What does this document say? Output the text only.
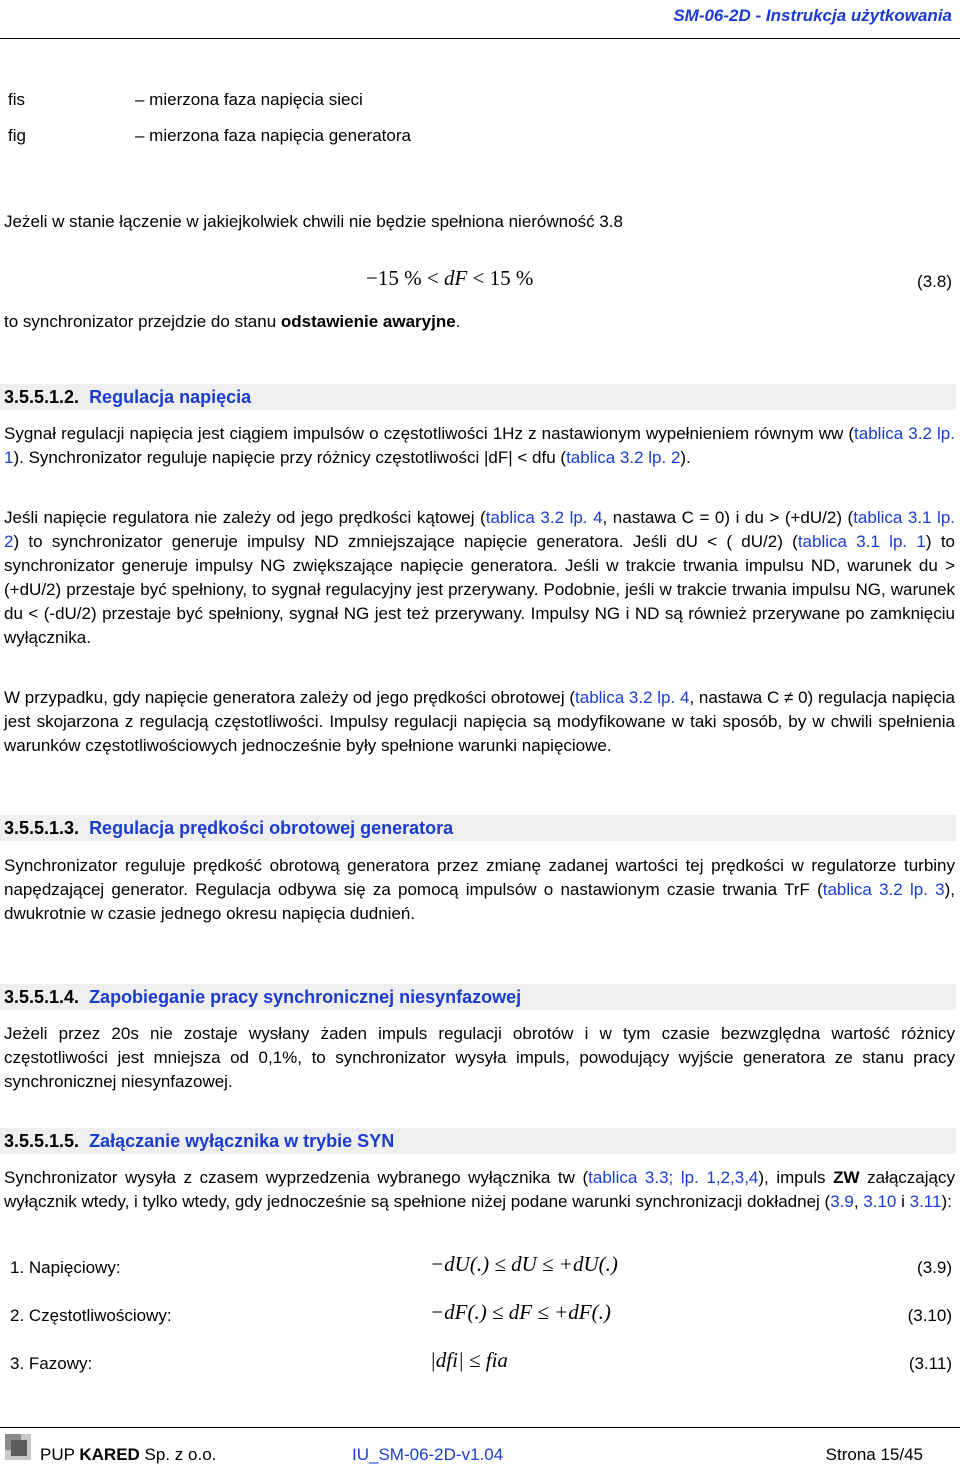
SM-06-2D - Instrukcja użytkowania
fis	– mierzona faza napięcia sieci
fig	– mierzona faza napięcia generatora
Jeżeli w stanie łączenie w jakiejkolwiek chwili nie będzie spełniona nierówność 3.8
−15 % < dF < 15 %	(3.8)
to synchronizator przejdzie do stanu odstawienie awaryjne.
3.5.5.1.2. Regulacja napięcia
Sygnał regulacji napięcia jest ciągiem impulsów o częstotliwości 1Hz z nastawionym wypełnieniem równym ww (tablica 3.2 lp. 1). Synchronizator reguluje napięcie przy różnicy częstotliwości |dF| < dfu (tablica 3.2 lp. 2).
Jeśli napięcie regulatora nie zależy od jego prędkości kątowej (tablica 3.2 lp. 4, nastawa C = 0) i du > (+dU/2) (tablica 3.1 lp. 2) to synchronizator generuje impulsy ND zmniejszające napięcie generatora. Jeśli dU < ( dU/2) (tablica 3.1 lp. 1) to synchronizator generuje impulsy NG zwiększające napięcie generatora. Jeśli w trakcie trwania impulsu ND, warunek du > (+dU/2) przestaje być spełniony, to sygnał regulacyjny jest przerywany. Podobnie, jeśli w trakcie trwania impulsu NG, warunek du < (-dU/2) przestaje być spełniony, sygnał NG jest też przerywany. Impulsy NG i ND są również przerywane po zamknięciu wyłącznika.
W przypadku, gdy napięcie generatora zależy od jego prędkości obrotowej (tablica 3.2 lp. 4, nastawa C ≠ 0) regulacja napięcia jest skojarzona z regulacją częstotliwości. Impulsy regulacji napięcia są modyfikowane w taki sposób, by w chwili spełnienia warunków częstotliwościowych jednocześnie były spełnione warunki napięciowe.
3.5.5.1.3. Regulacja prędkości obrotowej generatora
Synchronizator reguluje prędkość obrotową generatora przez zmianę zadanej wartości tej prędkości w regulatorze turbiny napędzającej generator. Regulacja odbywa się za pomocą impulsów o nastawionym czasie trwania TrF (tablica 3.2 lp. 3), dwukrotnie w czasie jednego okresu napięcia dudnień.
3.5.5.1.4. Zapobieganie pracy synchronicznej niesynfazowej
Jeżeli przez 20s nie zostaje wysłany żaden impuls regulacji obrotów i w tym czasie bezwzględna wartość różnicy częstotliwości jest mniejsza od 0,1%, to synchronizator wysyła impuls, powodujący wyjście generatora ze stanu pracy synchronicznej niesynfazowej.
3.5.5.1.5. Załączanie wyłącznika w trybie SYN
Synchronizator wysyła z czasem wyprzedzenia wybranego wyłącznika tw (tablica 3.3; lp. 1,2,3,4), impuls ZW załączający wyłącznik wtedy, i tylko wtedy, gdy jednocześnie są spełnione niżej podane warunki synchronizacji dokładnej (3.9, 3.10 i 3.11):
1. Napięciowy:	−dU(.) ≤ dU ≤ +dU(.)	(3.9)
2. Częstotliwościowy:	−dF(.) ≤ dF ≤ +dF(.)	(3.10)
3. Fazowy:	|dfi| ≤ fia	(3.11)
PUP KARED Sp. z o.o.	IU_SM-06-2D-v1.04	Strona 15/45
